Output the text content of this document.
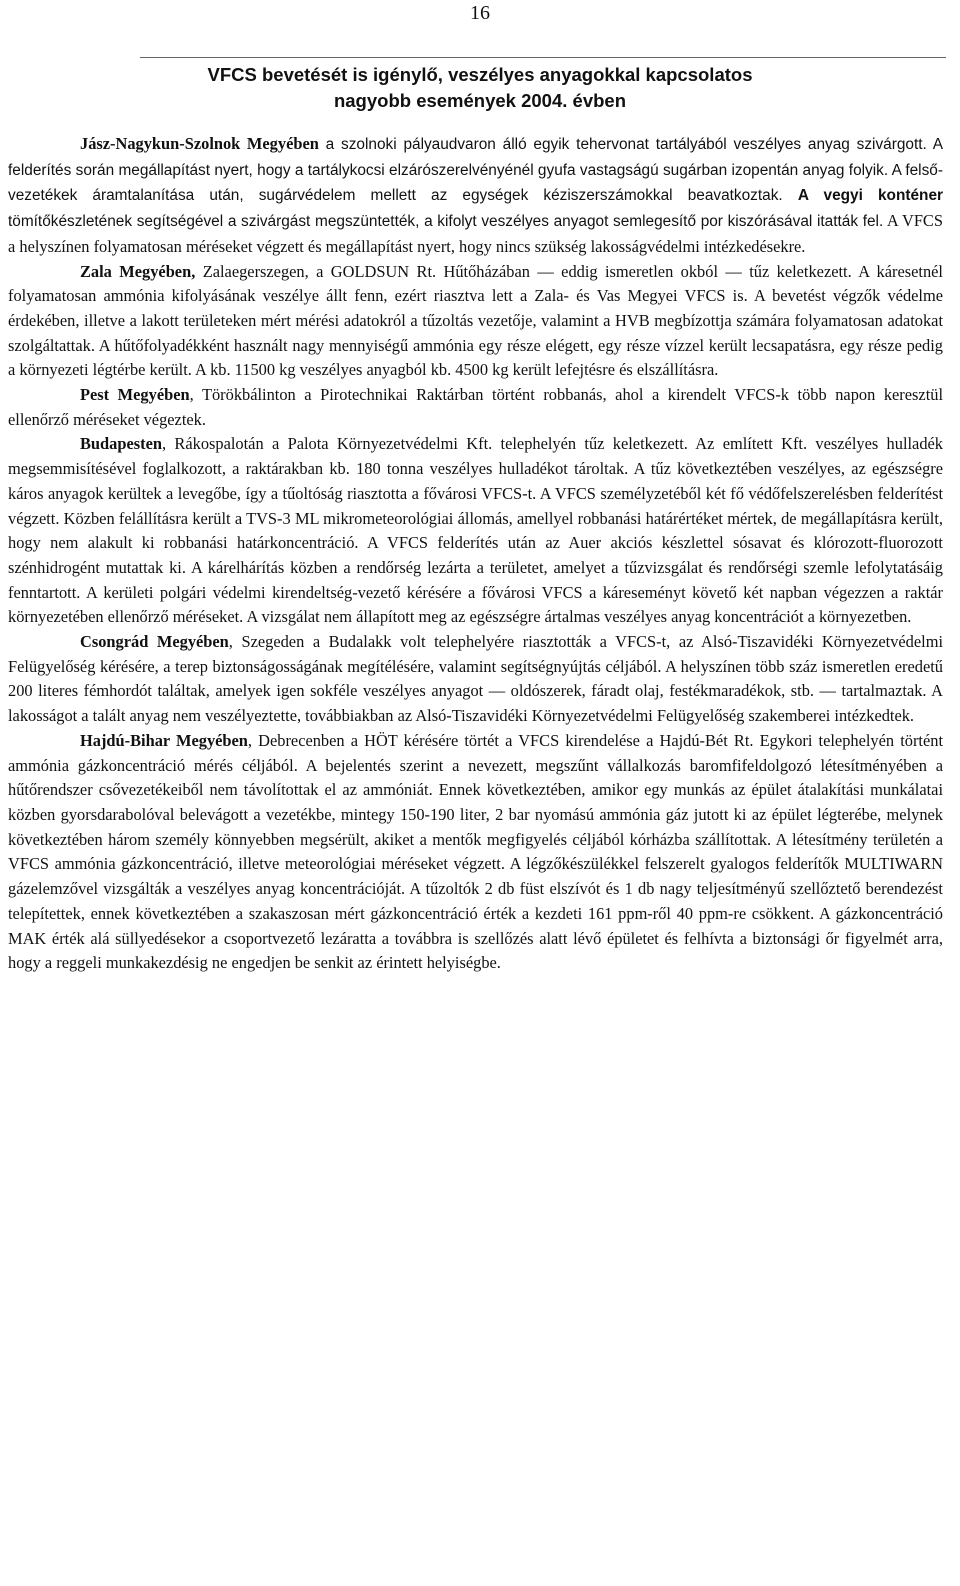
16
VFCS bevetését is igénylő, veszélyes anyagokkal kapcsolatos
nagyobb események 2004. évben

Jász-Nagykun-Szolnok Megyében a szolnoki pályaudvaron álló egyik tehervonat tartályából veszélyes anyag szivárgott. A felderítés során megállapítást nyert, hogy a tartálykocsi elzárószerelvényénél gyufa vastagságú sugárban izopentán anyag folyik. A felső-vezetékek áramtalanítása után, sugárvédelem mellett az egységek kéziszerszámokkal beavatkoztak. A vegyi konténer tömítőkészletének segítségével a szivárgást megszüntették, a kifolyt veszélyes anyagot semlegesítő por kiszórásával itatták fel. A VFCS a helyszínen folyamatosan méréseket végzett és megállapítást nyert, hogy nincs szükség lakosságvédelmi intézkedésekre.

Zala Megyében, Zalaegerszegen, a GOLDSUN Rt. Hűtőházában — eddig ismeretlen okból — tűz keletkezett. A káresetnél folyamatosan ammónia kifolyásának veszélye állt fenn, ezért riasztva lett a Zala- és Vas Megyei VFCS is. A bevetést végzők védelme érdekében, illetve a lakott területeken mért mérési adatokról a tűzoltás vezetője, valamint a HVB megbízottja számára folyamatosan adatokat szolgáltattak. A hűtőfolyadékként használt nagy mennyiségű ammónia egy része elégett, egy része vízzel került lecsapatásra, egy része pedig a környezeti légtérbe került. A kb. 11500 kg veszélyes anyagból kb. 4500 kg került lefejtésre és elszállításra.

Pest Megyében, Törökbálinton a Pirotechnikai Raktárban történt robbanás, ahol a kirendelt VFCS-k több napon keresztül ellenőrző méréseket végeztek.

Budapesten, Rákospalotán a Palota Környezetvédelmi Kft. telephelyén tűz keletkezett. Az említett Kft. veszélyes hulladék megsemmisítésével foglalkozott, a raktárakban kb. 180 tonna veszélyes hulladékot tároltak. A tűz következtében veszélyes, az egészségre káros anyagok kerültek a levegőbe, így a tűoltóság riasztotta a fővárosi VFCS-t. A VFCS személyzetéből két fő védőfelszerelésben felderítést végzett. Közben felállításra került a TVS-3 ML mikrometeorológiai állomás, amellyel robbanási határértéket mértek, de megállapításra került, hogy nem alakult ki robbanási határkoncentráció. A VFCS felderítés után az Auer akciós készlettel sósavat és klórozott-fluorozott szénhidrogént mutattak ki. A kárelhárítás közben a rendőrség lezárta a területet, amelyet a tűzvizsgálat és rendőrségi szemle lefolytatásáig fenntartott. A kerületi polgári védelmi kirendeltség-vezető kérésére a fővárosi VFCS a káreseményt követő két napban végezzen a raktár környezetében ellenőrző méréseket. A vizsgálat nem állapított meg az egészségre ártalmas veszélyes anyag koncentrációt a környezetben.

Csongrád Megyében, Szegeden a Budalakk volt telephelyére riasztották a VFCS-t, az Alsó-Tiszavidéki Környezetvédelmi Felügyelőség kérésére, a terep biztonságosságának megítélésére, valamint segítségnyújtás céljából. A helyszínen több száz ismeretlen eredetű 200 literes fémhordót találtak, amelyek igen sokféle veszélyes anyagot — oldószerek, fáradt olaj, festékmaradékok, stb. — tartalmaztak. A lakosságot a talált anyag nem veszélyeztette, továbbiakban az Alsó-Tiszavidéki Környezetvédelmi Felügyelőség szakemberei intézkedtek.

Hajdú-Bihar Megyében, Debrecenben a HÖT kérésére törtét a VFCS kirendelése a Hajdú-Bét Rt. Egykori telephelyén történt ammónia gázkoncentráció mérés céljából. A bejelentés szerint a nevezett, megszűnt vállalkozás baromfifeldolgozó létesítményében a hűtőrendszer csővezetékeiből nem távolítottak el az ammóniát. Ennek következtében, amikor egy munkás az épület átalakítási munkálatai közben gyorsdarabolóval belevágott a vezetékbe, mintegy 150-190 liter, 2 bar nyomású ammónia gáz jutott ki az épület légterébe, melynek következtében három személy könnyebben megsérült, akiket a mentők megfigyelés céljából kórházba szállítottak. A létesítmény területén a VFCS ammónia gázkoncentráció, illetve meteorológiai méréseket végzett. A légzőkészülékkel felszerelt gyalogos felderítők MULTIWARN gázelemzővel vizsgálták a veszélyes anyag koncentrációját. A tűzoltók 2 db füst elszívót és 1 db nagy teljesítményű szellőztető berendezést telepítettek, ennek következtében a szakaszosan mért gázkoncentráció érték a kezdeti 161 ppm-ről 40 ppm-re csökkent. A gázkoncentráció MAK érték alá süllyedésekor a csoportvezető lezáratta a továbbra is szellőzés alatt lévő épületet és felhívta a biztonsági őr figyelmét arra, hogy a reggeli munkakezdésig ne engedjen be senkit az érintett helyiségbe.
